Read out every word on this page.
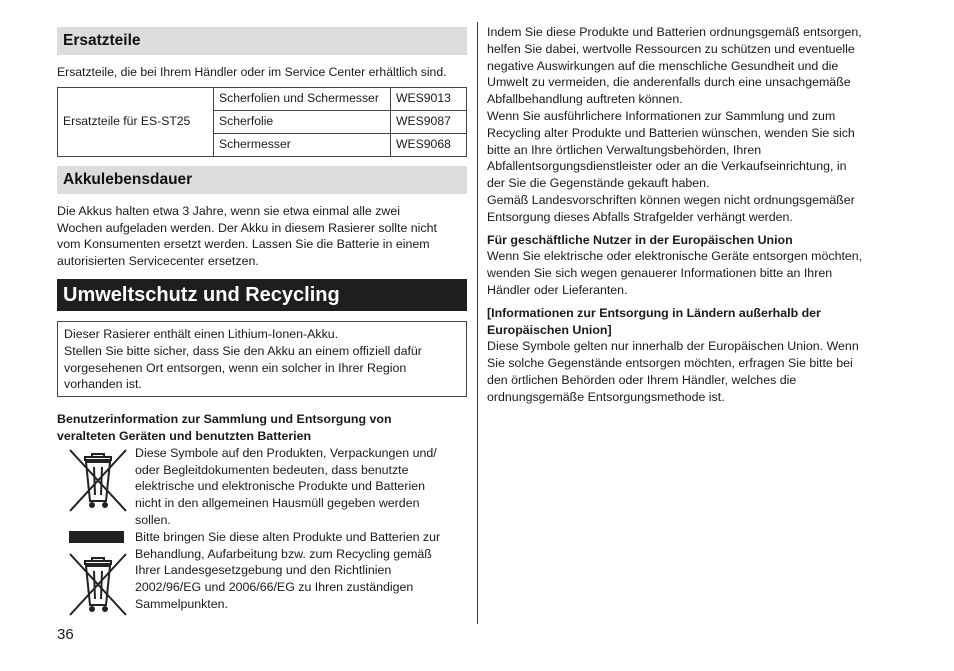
Ersatzteile

Ersatzteile, die bei Ihrem Händler oder im Service Center erhältlich sind.

Ersatzteile für ES-ST25	Scherfolien und Schermesser	WES9013
	Scherfolie	WES9087
	Schermesser	WES9068
Akkulebensdauer

Die Akkus halten etwa 3 Jahre, wenn sie etwa einmal alle zwei

Wochen aufgeladen werden. Der Akku in diesem Rasierer sollte nicht

vom Konsumenten ersetzt werden. Lassen Sie die Batterie in einem

autorisierten Servicecenter ersetzen.

Umweltschutz und Recycling

Dieser Rasierer enthält einen Lithium-Ionen-Akku.

Stellen Sie bitte sicher, dass Sie den Akku an einem offiziell dafür

vorgesehenen Ort entsorgen, wenn ein solcher in Ihrer Region

vorhanden ist.

Benutzerinformation zur Sammlung und Entsorgung von

veralteten Geräten und benutzten Batterien

Diese Symbole auf den Produkten, Verpackungen und/

oder Begleitdokumenten bedeuten, dass benutzte

elektrische und elektronische Produkte und Batterien

nicht in den allgemeinen Hausmüll gegeben werden

sollen.

Bitte bringen Sie diese alten Produkte und Batterien zur

Behandlung, Aufarbeitung bzw. zum Recycling gemäß

Ihrer Landesgesetzgebung und den Richtlinien

2002/96/EG und 2006/66/EG zu Ihren zuständigen

Sammelpunkten.

Indem Sie diese Produkte und Batterien ordnungsgemäß entsorgen,

helfen Sie dabei, wertvolle Ressourcen zu schützen und eventuelle

negative Auswirkungen auf die menschliche Gesundheit und die

Umwelt zu vermeiden, die anderenfalls durch eine unsachgemäße

Abfallbehandlung auftreten können.

Wenn Sie ausführlichere Informationen zur Sammlung und zum

Recycling alter Produkte und Batterien wünschen, wenden Sie sich

bitte an Ihre örtlichen Verwaltungsbehörden, Ihren

Abfallentsorgungsdienstleister oder an die Verkaufseinrichtung, in

der Sie die Gegenstände gekauft haben.

Gemäß Landesvorschriften können wegen nicht ordnungsgemäßer

Entsorgung dieses Abfalls Strafgelder verhängt werden.

Für geschäftliche Nutzer in der Europäischen Union

Wenn Sie elektrische oder elektronische Geräte entsorgen möchten,

wenden Sie sich wegen genauerer Informationen bitte an Ihren

Händler oder Lieferanten.

[Informationen zur Entsorgung in Ländern außerhalb der

Europäischen Union]

Diese Symbole gelten nur innerhalb der Europäischen Union. Wenn

Sie solche Gegenstände entsorgen möchten, erfragen Sie bitte bei

den örtlichen Behörden oder Ihrem Händler, welches die

ordnungsgemäße Entsorgungsmethode ist.

36
